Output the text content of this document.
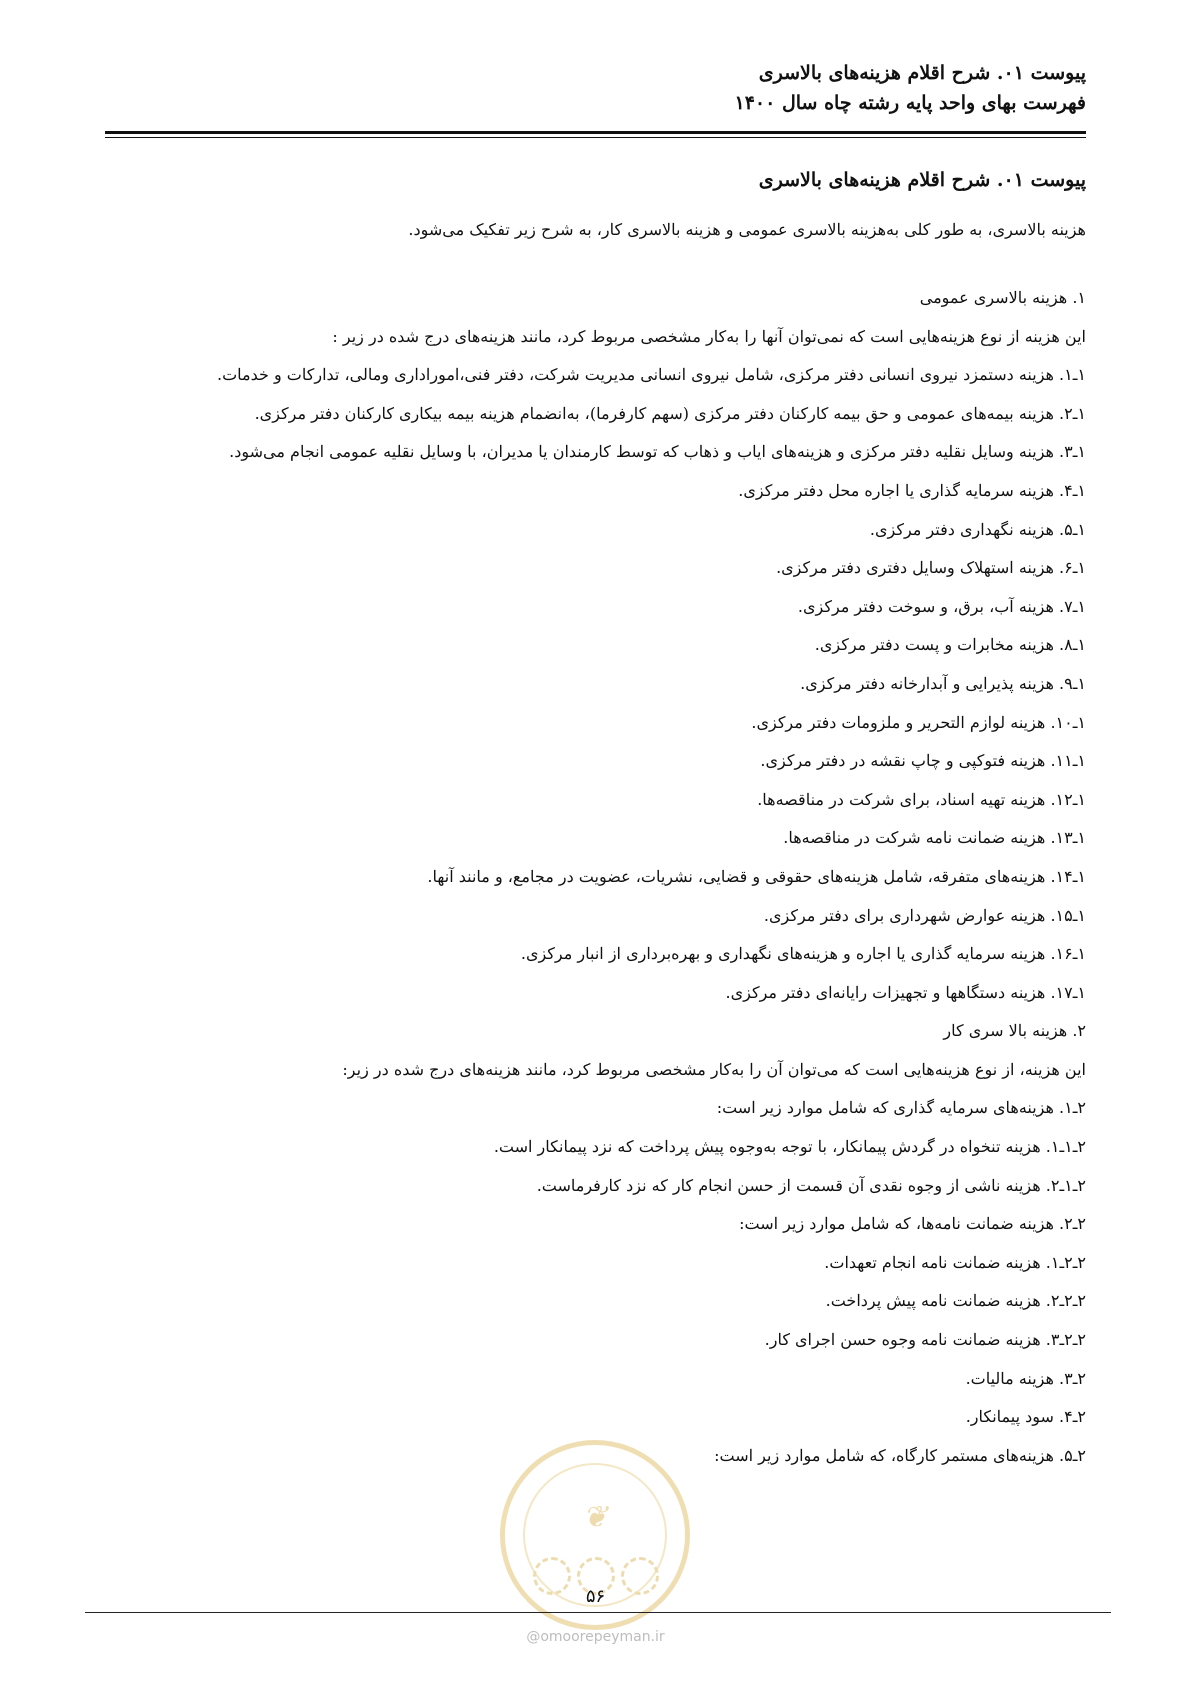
پیوست ۰۱. شرح اقلام هزینه‌های بالاسری
فهرست بهای واحد پایه رشته چاه سال ۱۴۰۰
پیوست ۰۱. شرح اقلام هزینه‌های بالاسری
هزینه بالاسری، به طور کلی به‌هزینه بالاسری عمومی و هزینه بالاسری کار، به شرح زیر تفکیک می‌شود.
۱. هزینه بالاسری عمومی
این هزینه از نوع هزینه‌هایی است که نمی‌توان آنها را به‌کار مشخصی مربوط کرد، مانند هزینه‌های درج شده در زیر :
۱ـ۱. هزینه دستمزد نیروی انسانی دفتر مرکزی، شامل نیروی انسانی مدیریت شرکت، دفتر فنی،اموراداری ومالی، تدارکات و خدمات.
۱ـ۲. هزینه بیمه‌های عمومی و حق بیمه کارکنان دفتر مرکزی (سهم کارفرما)، به‌انضمام هزینه بیمه بیکاری کارکنان دفتر مرکزی.
۱ـ۳. هزینه وسایل نقلیه دفتر مرکزی و هزینه‌های ایاب و ذهاب که توسط کارمندان یا مدیران، با وسایل نقلیه عمومی انجام می‌شود.
۱ـ۴. هزینه سرمایه گذاری یا اجاره محل دفتر مرکزی.
۱ـ۵. هزینه نگهداری دفتر مرکزی.
۱ـ۶. هزینه استهلاک وسایل دفتری دفتر مرکزی.
۱ـ۷. هزینه آب، برق، و سوخت دفتر مرکزی.
۱ـ۸. هزینه مخابرات و پست دفتر مرکزی.
۱ـ۹. هزینه پذیرایی و آبدارخانه دفتر مرکزی.
۱ـ۱۰. هزینه لوازم التحریر و ملزومات دفتر مرکزی.
۱ـ۱۱. هزینه فتوکپی و چاپ نقشه در دفتر مرکزی.
۱ـ۱۲. هزینه تهیه اسناد، برای شرکت در مناقصه‌ها.
۱ـ۱۳. هزینه ضمانت نامه شرکت در مناقصه‌ها.
۱ـ۱۴. هزینه‌های متفرقه، شامل هزینه‌های حقوقی و قضایی، نشریات، عضویت در مجامع، و مانند آنها.
۱ـ۱۵. هزینه عوارض شهرداری برای دفتر مرکزی.
۱ـ۱۶. هزینه سرمایه گذاری یا اجاره و هزینه‌های نگهداری و بهره‌برداری از انبار مرکزی.
۱ـ۱۷. هزینه دستگاهها و تجهیزات رایانه‌ای دفتر مرکزی.
۲. هزینه بالا سری کار
این هزینه، از نوع هزینه‌هایی است که می‌توان آن را به‌کار مشخصی مربوط کرد، مانند هزینه‌های درج شده در زیر:
۲ـ۱. هزینه‌های سرمایه گذاری که شامل موارد زیر است:
۲ـ۱ـ۱. هزینه تنخواه در گردش پیمانکار، با توجه به‌وجوه پیش پرداخت که نزد پیمانکار است.
۲ـ۱ـ۲. هزینه ناشی از وجوه نقدی آن قسمت از حسن انجام کار که نزد کارفرماست.
۲ـ۲. هزینه ضمانت نامه‌ها، که شامل موارد زیر است:
۲ـ۲ـ۱. هزینه ضمانت نامه انجام تعهدات.
۲ـ۲ـ۲. هزینه ضمانت نامه پیش پرداخت.
۲ـ۲ـ۳. هزینه ضمانت نامه وجوه حسن اجرای کار.
۲ـ۳. هزینه مالیات.
۲ـ۴. سود پیمانکار.
۲ـ۵. هزینه‌های مستمر کارگاه، که شامل موارد زیر است:
❦
۵۶
@omoorepeyman.ir
